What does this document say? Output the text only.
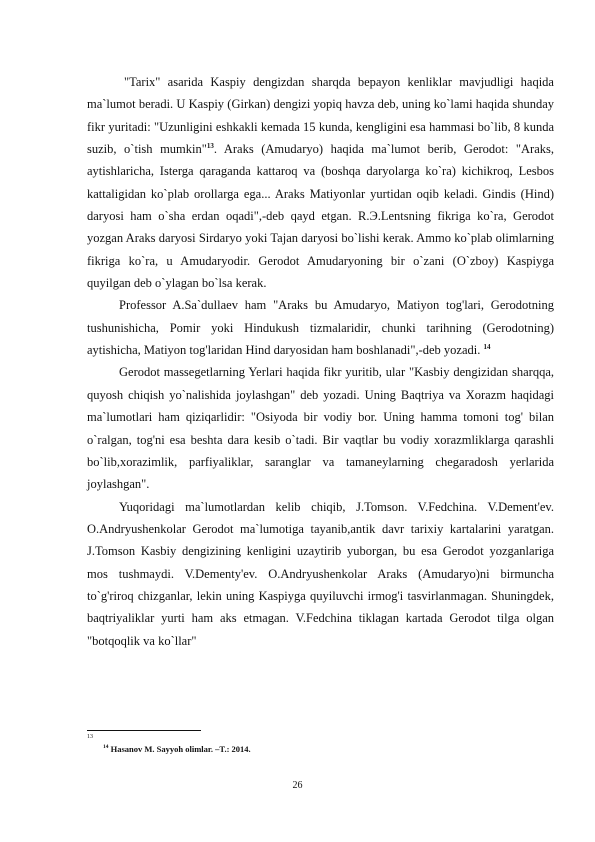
"Tarix" asarida Kaspiy dengizdan sharqda bepayon kenliklar mavjudligi haqida ma`lumot beradi. U Kaspiy (Girkan) dengizi yopiq havza deb, uning ko`lami haqida shunday fikr yuritadi: "Uzunligini eshkakli kemada 15 kunda, kengligini esa hammasi bo`lib, 8 kunda suzib, o`tish mumkin"$^{13}$. Araks (Amudaryo) haqida ma`lumot berib, Gerodot: "Araks, aytishlaricha, Isterga qaraganda kattaroq va (boshqa daryolarga ko`ra) kichikroq, Lesbos kattaligidan ko`plab orollarga ega... Araks Matiyonlar yurtidan oqib keladi. Gindis (Hind) daryosi ham o`sha erdan oqadi",-deb qayd etgan. R.Э.Lentsning fikriga ko`ra, Gerodot yozgan Araks daryosi Sirdaryo yoki Tajan daryosi bo`lishi kerak. Ammo ko`plab olimlarning fikriga ko`ra, u Amudaryodir. Gerodot Amudaryoning bir o`zani (O`zboy) Kaspiyga quyilgan deb o`ylagan bo`lsa kerak.

Professor A.Sa`dullaev ham "Araks bu Amudaryo, Matiyon tog'lari, Gerodotning tushunishicha, Pomir yoki Hindukush tizmalaridir, chunki tarihning (Gerodotning) aytishicha, Matiyon tog'laridan Hind daryosidan ham boshlanadi",-deb yozadi. $^{14}$

Gerodot massegetlarning Yerlari haqida fikr yuritib, ular "Kasbiy dengizidan sharqqa, quyosh chiqish yo`nalishida joylashgan" deb yozadi. Uning Baqtriya va Xorazm haqidagi ma`lumotlari ham qiziqarlidir: "Osiyoda bir vodiy bor. Uning hamma tomoni tog' bilan o`ralgan, tog'ni esa beshta dara kesib o`tadi. Bir vaqtlar bu vodiy xorazmliklarga qarashli bo`lib,xorazimlik, parfiyaliklar, saranglar va tamaneylarning chegaradosh yerlarida joylashgan".

Yuqoridagi ma`lumotlardan kelib chiqib, J.Tomson. V.Fedchina. V.Dement'ev. O.Andryushenkolar Gerodot ma`lumotiga tayanib,antik davr tarixiy kartalarini yaratgan. J.Tomson Kasbiy dengizining kenligini uzaytirib yuborgan, bu esa Gerodot yozganlariga mos tushmaydi. V.Dementy'ev. O.Andryushenkolar Araks (Amudaryo)ni birmuncha to`g'riroq chizganlar, lekin uning Kaspiyga quyiluvchi irmog'i tasvirlanmagan. Shuningdek, baqtriyaliklar yurti ham aks etmagan. V.Fedchina tiklagan kartada Gerodot tilga olgan "botqoqlik va ko`llar"

13
$^{14}$ Hasanov M. Sayyoh olimlar. –T.: 2014.
26
